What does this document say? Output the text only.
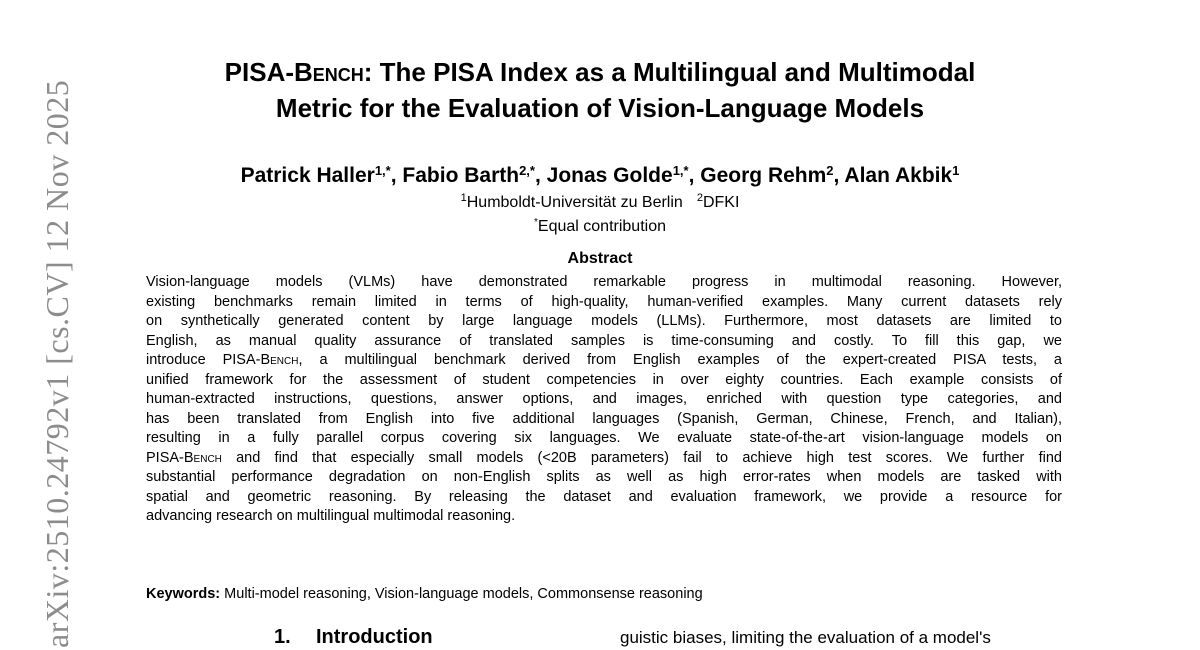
arXiv:2510.24792v1 [cs.CV] 12 Nov 2025
PISA-Bench: The PISA Index as a Multilingual and Multimodal
Metric for the Evaluation of Vision-Language Models
Patrick Haller$^{1,*}$, Fabio Barth$^{2,*}$, Jonas Golde$^{1,*}$, Georg Rehm$^2$, Alan Akbik$^1$
$^1$Humboldt-Universität zu Berlin $^2$DFKI
*Equal contribution
Abstract
Vision-language models (VLMs) have demonstrated remarkable progress in multimodal reasoning. However,
existing benchmarks remain limited in terms of high-quality, human-verified examples. Many current datasets rely
on synthetically generated content by large language models (LLMs). Furthermore, most datasets are limited to
English, as manual quality assurance of translated samples is time-consuming and costly. To fill this gap, we
introduce PISA-Bench, a multilingual benchmark derived from English examples of the expert-created PISA tests, a
unified framework for the assessment of student competencies in over eighty countries. Each example consists of
human-extracted instructions, questions, answer options, and images, enriched with question type categories, and
has been translated from English into five additional languages (Spanish, German, Chinese, French, and Italian),
resulting in a fully parallel corpus covering six languages. We evaluate state-of-the-art vision-language models on
PISA-Bench and find that especially small models (<20B parameters) fail to achieve high test scores. We further find
substantial performance degradation on non-English splits as well as high error-rates when models are tasked with
spatial and geometric reasoning. By releasing the dataset and evaluation framework, we provide a resource for
advancing research on multilingual multimodal reasoning.
Keywords: Multi-model reasoning, Vision-language models, Commonsense reasoning
1. Introduction	guistic biases, limiting the evaluation of a model's
